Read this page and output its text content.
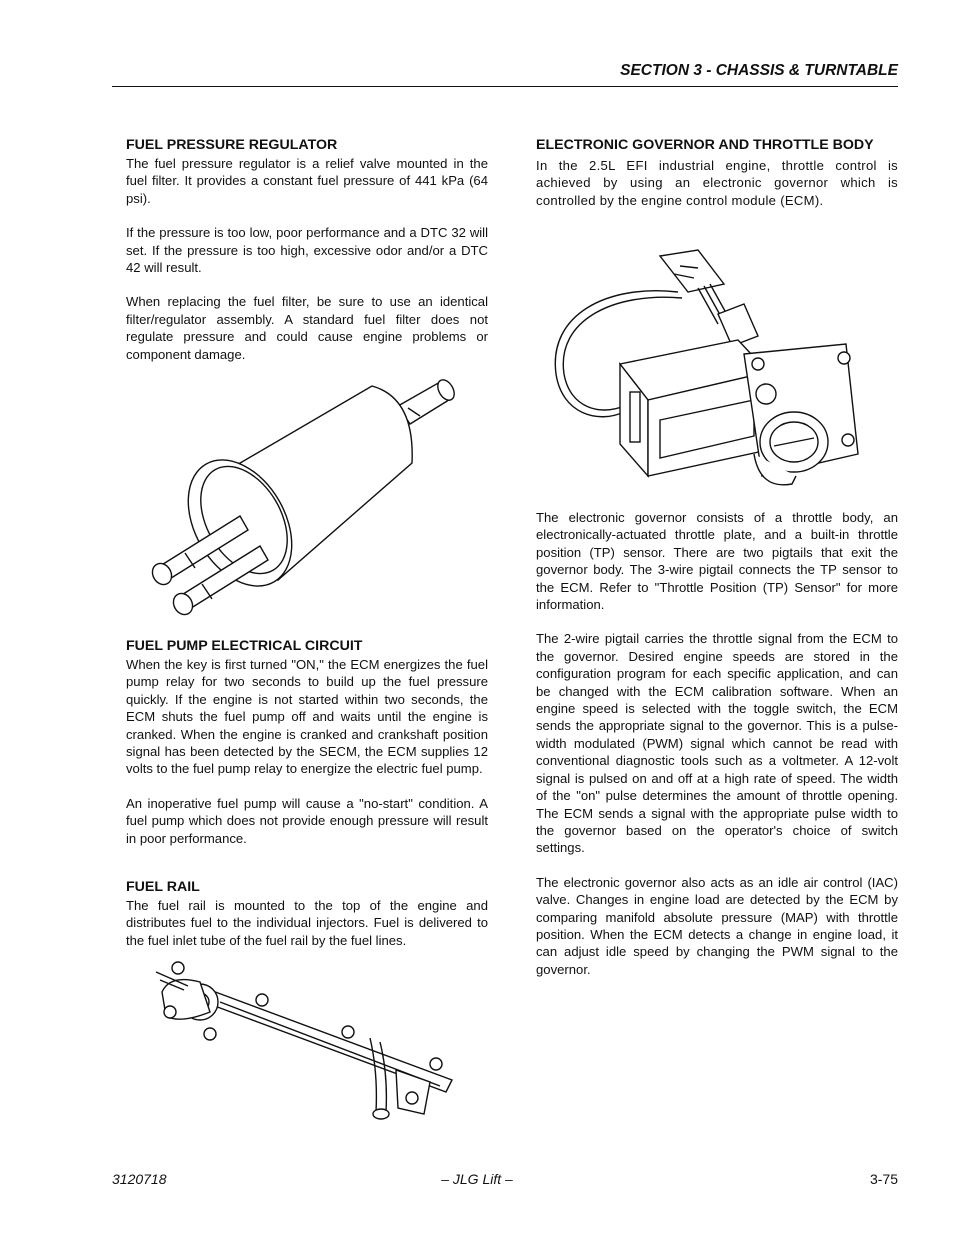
SECTION 3 - CHASSIS & TURNTABLE
FUEL PRESSURE REGULATOR

The fuel pressure regulator is a relief valve mounted in the fuel filter. It provides a constant fuel pressure of 441 kPa (64 psi).

If the pressure is too low, poor performance and a DTC 32 will set. If the pressure is too high, excessive odor and/or a DTC 42 will result.

When replacing the fuel filter, be sure to use an identical filter/regulator assembly. A standard fuel filter does not regulate pressure and could cause engine problems or component damage.

FUEL PUMP ELECTRICAL CIRCUIT

When the key is first turned "ON," the ECM energizes the fuel pump relay for two seconds to build up the fuel pressure quickly. If the engine is not started within two seconds, the ECM shuts the fuel pump off and waits until the engine is cranked. When the engine is cranked and crankshaft position signal has been detected by the SECM, the ECM supplies 12 volts to the fuel pump relay to energize the electric fuel pump.

An inoperative fuel pump will cause a "no-start" condition. A fuel pump which does not provide enough pressure will result in poor performance.

FUEL RAIL

The fuel rail is mounted to the top of the engine and distributes fuel to the individual injectors. Fuel is delivered to the fuel inlet tube of the fuel rail by the fuel lines.

ELECTRONIC GOVERNOR AND THROTTLE BODY

In the 2.5L EFI industrial engine, throttle control is achieved by using an electronic governor which is controlled by the engine control module (ECM).

The electronic governor consists of a throttle body, an electronically-actuated throttle plate, and a built-in throttle position (TP) sensor. There are two pigtails that exit the governor body. The 3-wire pigtail connects the TP sensor to the ECM. Refer to "Throttle Position (TP) Sensor" for more information.

The 2-wire pigtail carries the throttle signal from the ECM to the governor. Desired engine speeds are stored in the configuration program for each specific application, and can be changed with the ECM calibration software. When an engine speed is selected with the toggle switch, the ECM sends the appropriate signal to the governor. This is a pulse-width modulated (PWM) signal which cannot be read with conventional diagnostic tools such as a voltmeter. A 12-volt signal is pulsed on and off at a high rate of speed. The width of the "on" pulse determines the amount of throttle opening. The ECM sends a signal with the appropriate pulse width to the governor based on the operator's choice of switch settings.

The electronic governor also acts as an idle air control (IAC) valve. Changes in engine load are detected by the ECM by comparing manifold absolute pressure (MAP) with throttle position. When the ECM detects a change in engine load, it can adjust idle speed by changing the PWM signal to the governor.

3120718	– JLG Lift –	3-75
